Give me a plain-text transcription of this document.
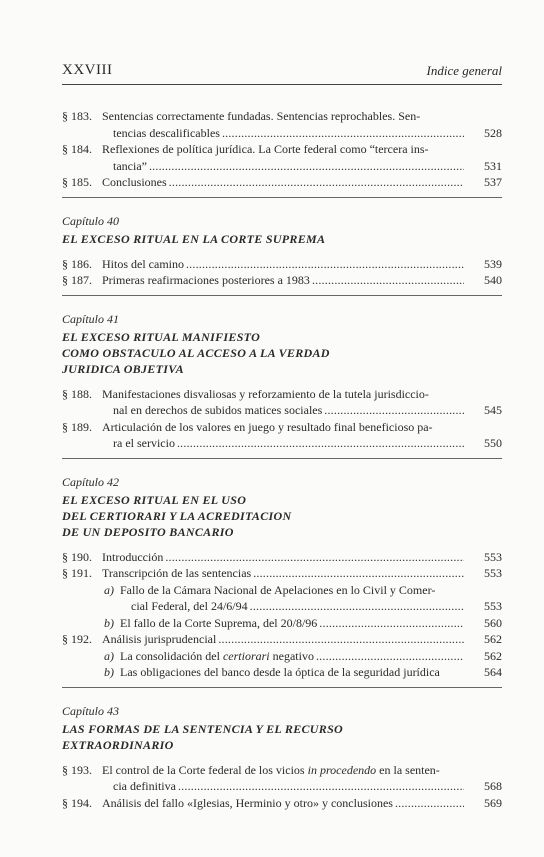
XXVIII	Indice general
§ 183. Sentencias correctamente fundadas. Sentencias reprochables. Sen-
tencias descalificables . . .	528
§ 184. Reflexiones de política jurídica. La Corte federal como “tercera ins-
tancia” . . .	531
§ 185. Conclusiones . . .	537
Capítulo 40
EL EXCESO RITUAL EN LA CORTE SUPREMA
§ 186. Hitos del camino . . .	539
§ 187. Primeras reafirmaciones posteriores a 1983 . . .	540
Capítulo 41
EL EXCESO RITUAL MANIFIESTO
COMO OBSTACULO AL ACCESO A LA VERDAD
JURIDICA OBJETIVA
§ 188. Manifestaciones disvaliosas y reforzamiento de la tutela jurisdiccio-
nal en derechos de subidos matices sociales . . .	545
§ 189. Articulación de los valores en juego y resultado final beneficioso pa-
ra el servicio . . .	550
Capítulo 42
EL EXCESO RITUAL EN EL USO
DEL CERTIORARI Y LA ACREDITACION
DE UN DEPOSITO BANCARIO
§ 190. Introducción . . .	553
§ 191. Transcripción de las sentencias . . .	553
a) Fallo de la Cámara Nacional de Apelaciones en lo Civil y Comer-
cial Federal, del 24/6/94 . . .	553
b) El fallo de la Corte Suprema, del 20/8/96 . . .	560
§ 192. Análisis jurisprudencial . . .	562
a) La consolidación del certiorari negativo . . .	562
b) Las obligaciones del banco desde la óptica de la seguridad jurídica	564
Capítulo 43
LAS FORMAS DE LA SENTENCIA Y EL RECURSO
EXTRAORDINARIO
§ 193. El control de la Corte federal de los vicios in procedendo en la senten-
cia definitiva . . .	568
§ 194. Análisis del fallo «Iglesias, Herminio y otro» y conclusiones . . .	569
